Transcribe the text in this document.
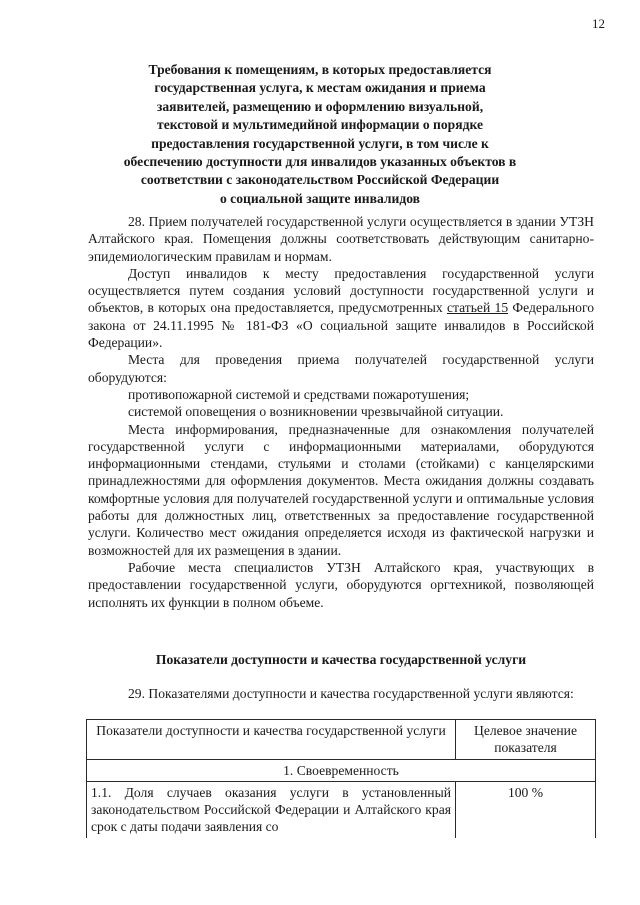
12
Требования к помещениям, в которых предоставляется
государственная услуга, к местам ожидания и приема
заявителей, размещению и оформлению визуальной,
текстовой и мультимедийной информации о порядке
предоставления государственной услуги, в том числе к
обеспечению доступности для инвалидов указанных объектов в
соответствии с законодательством Российской Федерации
о социальной защите инвалидов

28. Прием получателей государственной услуги осуществляется в здании УТЗН Алтайского края. Помещения должны соответствовать действующим санитарно-эпидемиологическим правилам и нормам.

Доступ инвалидов к месту предоставления государственной услуги осуществляется путем создания условий доступности государственной услуги и объектов, в которых она предоставляется, предусмотренных статьей 15 Федерального закона от 24.11.1995 № 181-ФЗ «О социальной защите инвалидов в Российской Федерации».

Места для проведения приема получателей государственной услуги оборудуются:

противопожарной системой и средствами пожаротушения;

системой оповещения о возникновении чрезвычайной ситуации.

Места информирования, предназначенные для ознакомления получателей государственной услуги с информационными материалами, оборудуются информационными стендами, стульями и столами (стойками) с канцелярскими принадлежностями для оформления документов. Места ожидания должны создавать комфортные условия для получателей государственной услуги и оптимальные условия работы для должностных лиц, ответственных за предоставление государственной услуги. Количество мест ожидания определяется исходя из фактической нагрузки и возможностей для их размещения в здании.

Рабочие места специалистов УТЗН Алтайского края, участвующих в предоставлении государственной услуги, оборудуются оргтехникой, позволяющей исполнять их функции в полном объеме.

Показатели доступности и качества государственной услуги

29. Показателями доступности и качества государственной услуги являются:

Показатели доступности и качества государственной услуги	Целевое значение показателя
1. Своевременность	
1.1. Доля случаев оказания услуги в установленный законодательством Российской Федерации и Алтайского края срок с даты подачи заявления со	100 %
